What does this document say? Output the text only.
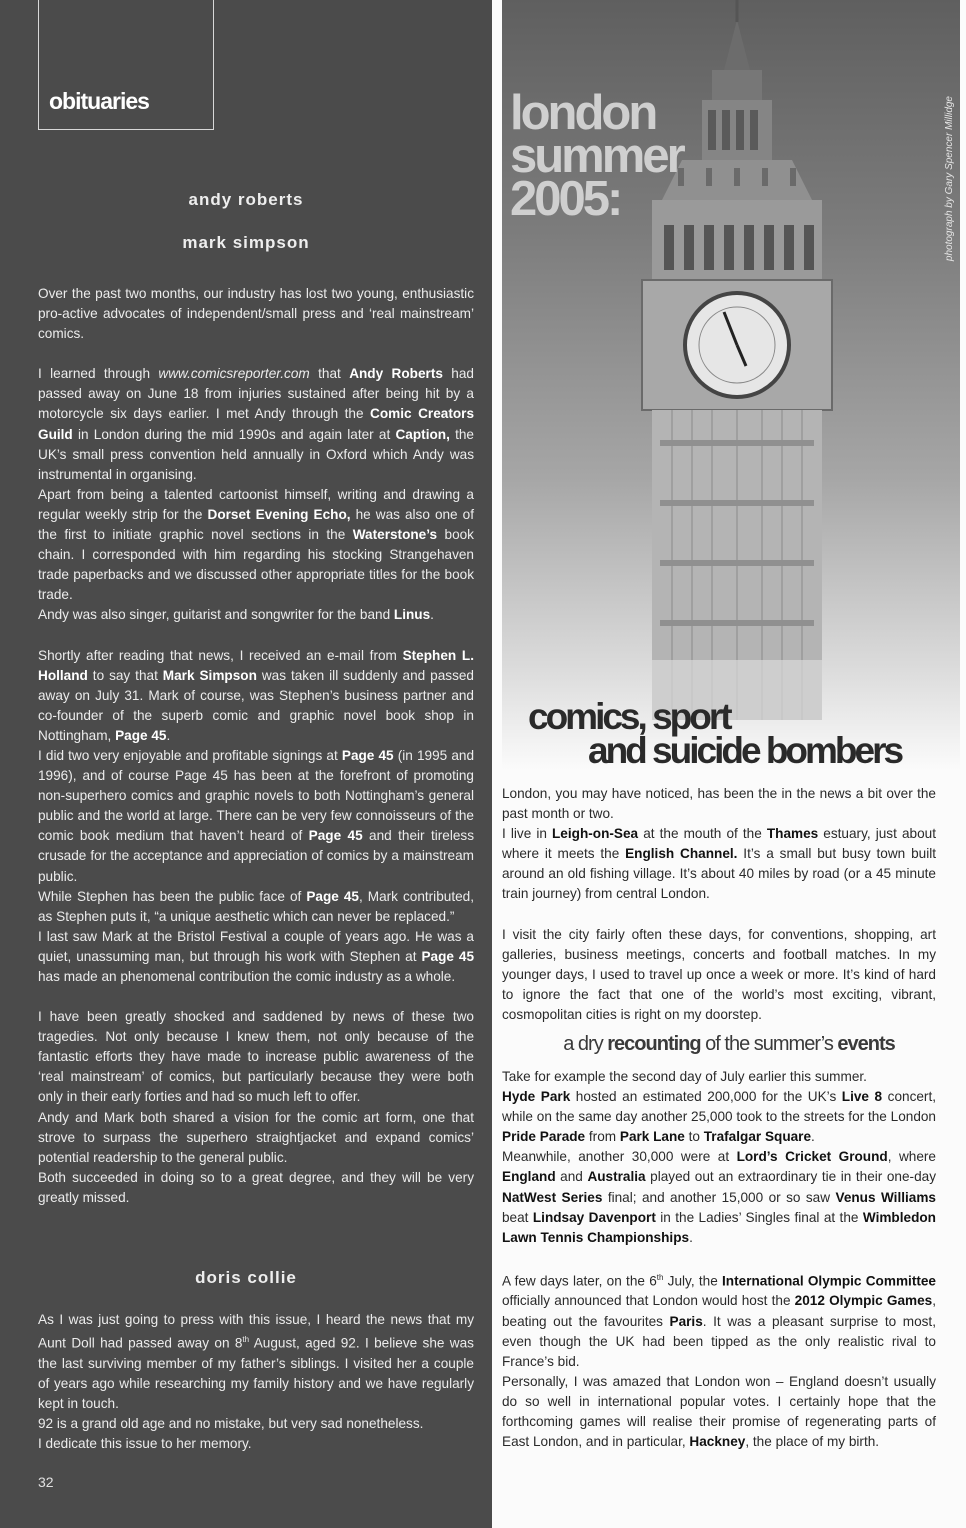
obituaries
andy roberts
mark simpson

Over the past two months, our industry has lost two young, enthusiastic pro-active advocates of independent/small press and ‘real mainstream’ comics.

I learned through www.comicsreporter.com that Andy Roberts had passed away on June 18 from injuries sustained after being hit by a motorcycle six days earlier. I met Andy through the Comic Creators Guild in London during the mid 1990s and again later at Caption, the UK’s small press convention held annually in Oxford which Andy was instrumental in organising.

Apart from being a talented cartoonist himself, writing and drawing a regular weekly strip for the Dorset Evening Echo, he was also one of the first to initiate graphic novel sections in the Waterstone’s book chain. I corresponded with him regarding his stocking Strangehaven trade paperbacks and we discussed other appropriate titles for the book trade.

Andy was also singer, guitarist and songwriter for the band Linus.

Shortly after reading that news, I received an e-mail from Stephen L. Holland to say that Mark Simpson was taken ill suddenly and passed away on July 31. Mark of course, was Stephen’s business partner and co-founder of the superb comic and graphic novel book shop in Nottingham, Page 45.

I did two very enjoyable and profitable signings at Page 45 (in 1995 and 1996), and of course Page 45 has been at the forefront of promoting non-superhero comics and graphic novels to both Nottingham’s general public and the world at large. There can be very few connoisseurs of the comic book medium that haven’t heard of Page 45 and their tireless crusade for the acceptance and appreciation of comics by a mainstream public.

While Stephen has been the public face of Page 45, Mark contributed, as Stephen puts it, “a unique aesthetic which can never be replaced.”

I last saw Mark at the Bristol Festival a couple of years ago. He was a quiet, unassuming man, but through his work with Stephen at Page 45 has made an phenomenal contribution the comic industry as a whole.

I have been greatly shocked and saddened by news of these two tragedies. Not only because I knew them, not only because of the fantastic efforts they have made to increase public awareness of the ‘real mainstream’ of comics, but particularly because they were both only in their early forties and had so much left to offer.

Andy and Mark both shared a vision for the comic art form, one that strove to surpass the superhero straightjacket and expand comics’ potential readership to the general public.

Both succeeded in doing so to a great degree, and they will be very greatly missed.

doris collie

As I was just going to press with this issue, I heard the news that my Aunt Doll had passed away on 8th August, aged 92. I believe she was the last surviving member of my father’s siblings. I visited her a couple of years ago while researching my family history and we have regularly kept in touch.

92 is a grand old age and no mistake, but very sad nonetheless.

I dedicate this issue to her memory.

32
london
summer
2005:	photograph by Gary Spencer Millidge
comics, sport
and suicide bombers

London, you may have noticed, has been the in the news a bit over the past month or two.

I live in Leigh-on-Sea at the mouth of the Thames estuary, just about where it meets the English Channel. It’s a small but busy town built around an old fishing village. It’s about 40 miles by road (or a 45 minute train journey) from central London.

I visit the city fairly often these days, for conventions, shopping, art galleries, business meetings, concerts and football matches. In my younger days, I used to travel up once a week or more. It’s kind of hard to ignore the fact that one of the world’s most exciting, vibrant, cosmopolitan cities is right on my doorstep.

a dry recounting of the summer’s events

Take for example the second day of July earlier this summer.

Hyde Park hosted an estimated 200,000 for the UK’s Live 8 concert, while on the same day another 25,000 took to the streets for the London Pride Parade from Park Lane to Trafalgar Square.

Meanwhile, another 30,000 were at Lord’s Cricket Ground, where England and Australia played out an extraordinary tie in their one-day NatWest Series final; and another 15,000 or so saw Venus Williams beat Lindsay Davenport in the Ladies’ Singles final at the Wimbledon Lawn Tennis Championships.

A few days later, on the 6th July, the International Olympic Committee officially announced that London would host the 2012 Olympic Games, beating out the favourites Paris. It was a pleasant surprise to most, even though the UK had been tipped as the only realistic rival to France’s bid.

Personally, I was amazed that London won – England doesn’t usually do so well in international popular votes. I certainly hope that the forthcoming games will realise their promise of regenerating parts of East London, and in particular, Hackney, the place of my birth.
